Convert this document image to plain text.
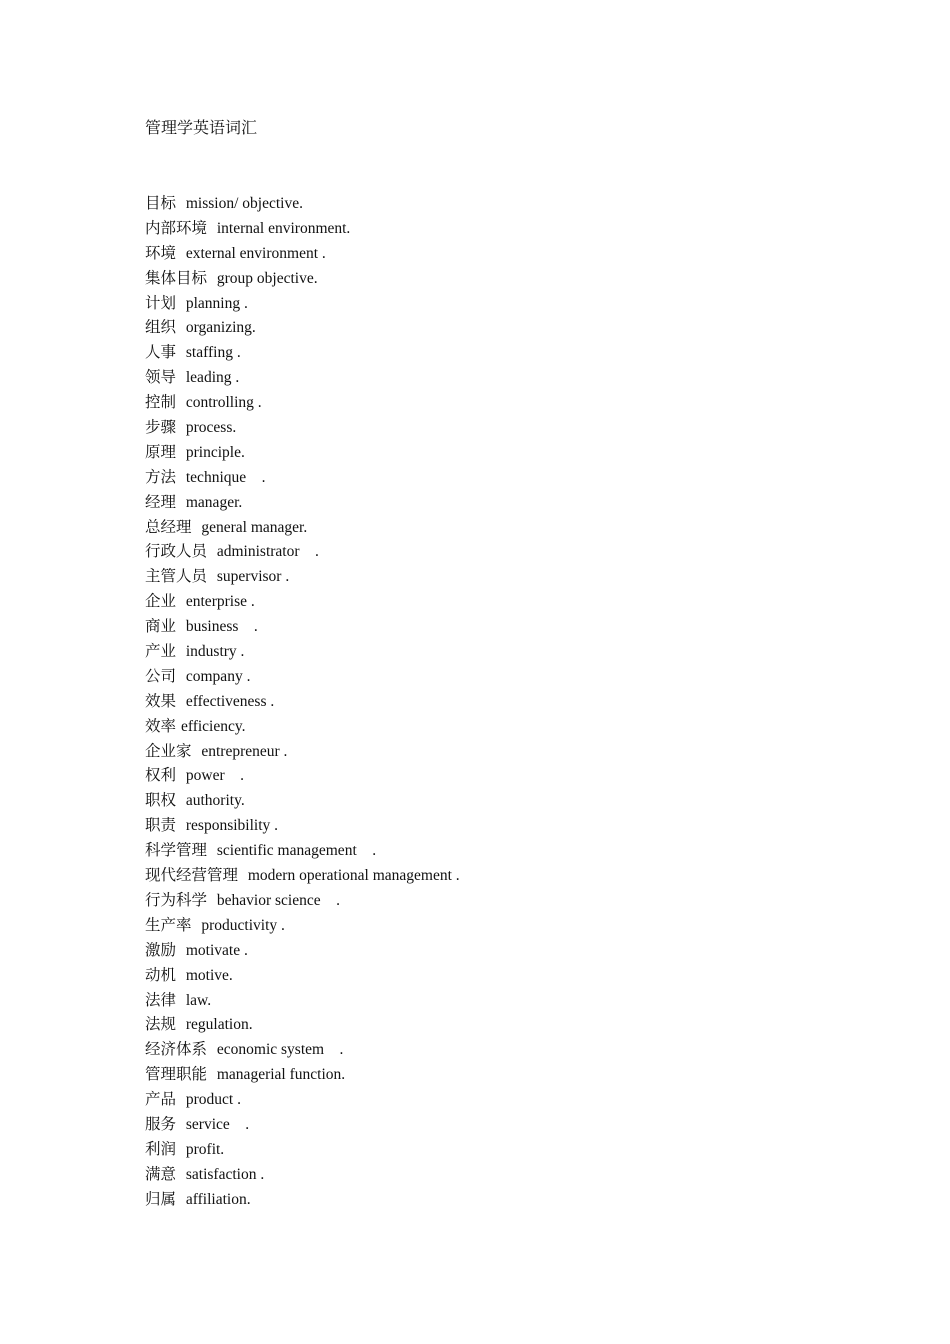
管理学英语词汇
目标 mission/ objective.
内部环境 internal environment.
环境 external environment .
集体目标 group objective.
计划 planning .
组织 organizing.
人事 staffing .
领导 leading .
控制 controlling .
步骤 process.
原理 principle.
方法 technique    .
经理 manager.
总经理 general manager.
行政人员 administrator    .
主管人员 supervisor .
企业 enterprise .
商业 business    .
产业 industry .
公司 company .
效果 effectiveness .
效率 efficiency.
企业家 entrepreneur .
权利 power    .
职权 authority.
职责 responsibility .
科学管理 scientific management    .
现代经营管理 modern operational management .
行为科学 behavior science    .
生产率 productivity .
激励 motivate .
动机 motive.
法律 law.
法规 regulation.
经济体系 economic system    .
管理职能 managerial function.
产品 product .
服务 service    .
利润 profit.
满意 satisfaction .
归属 affiliation.
